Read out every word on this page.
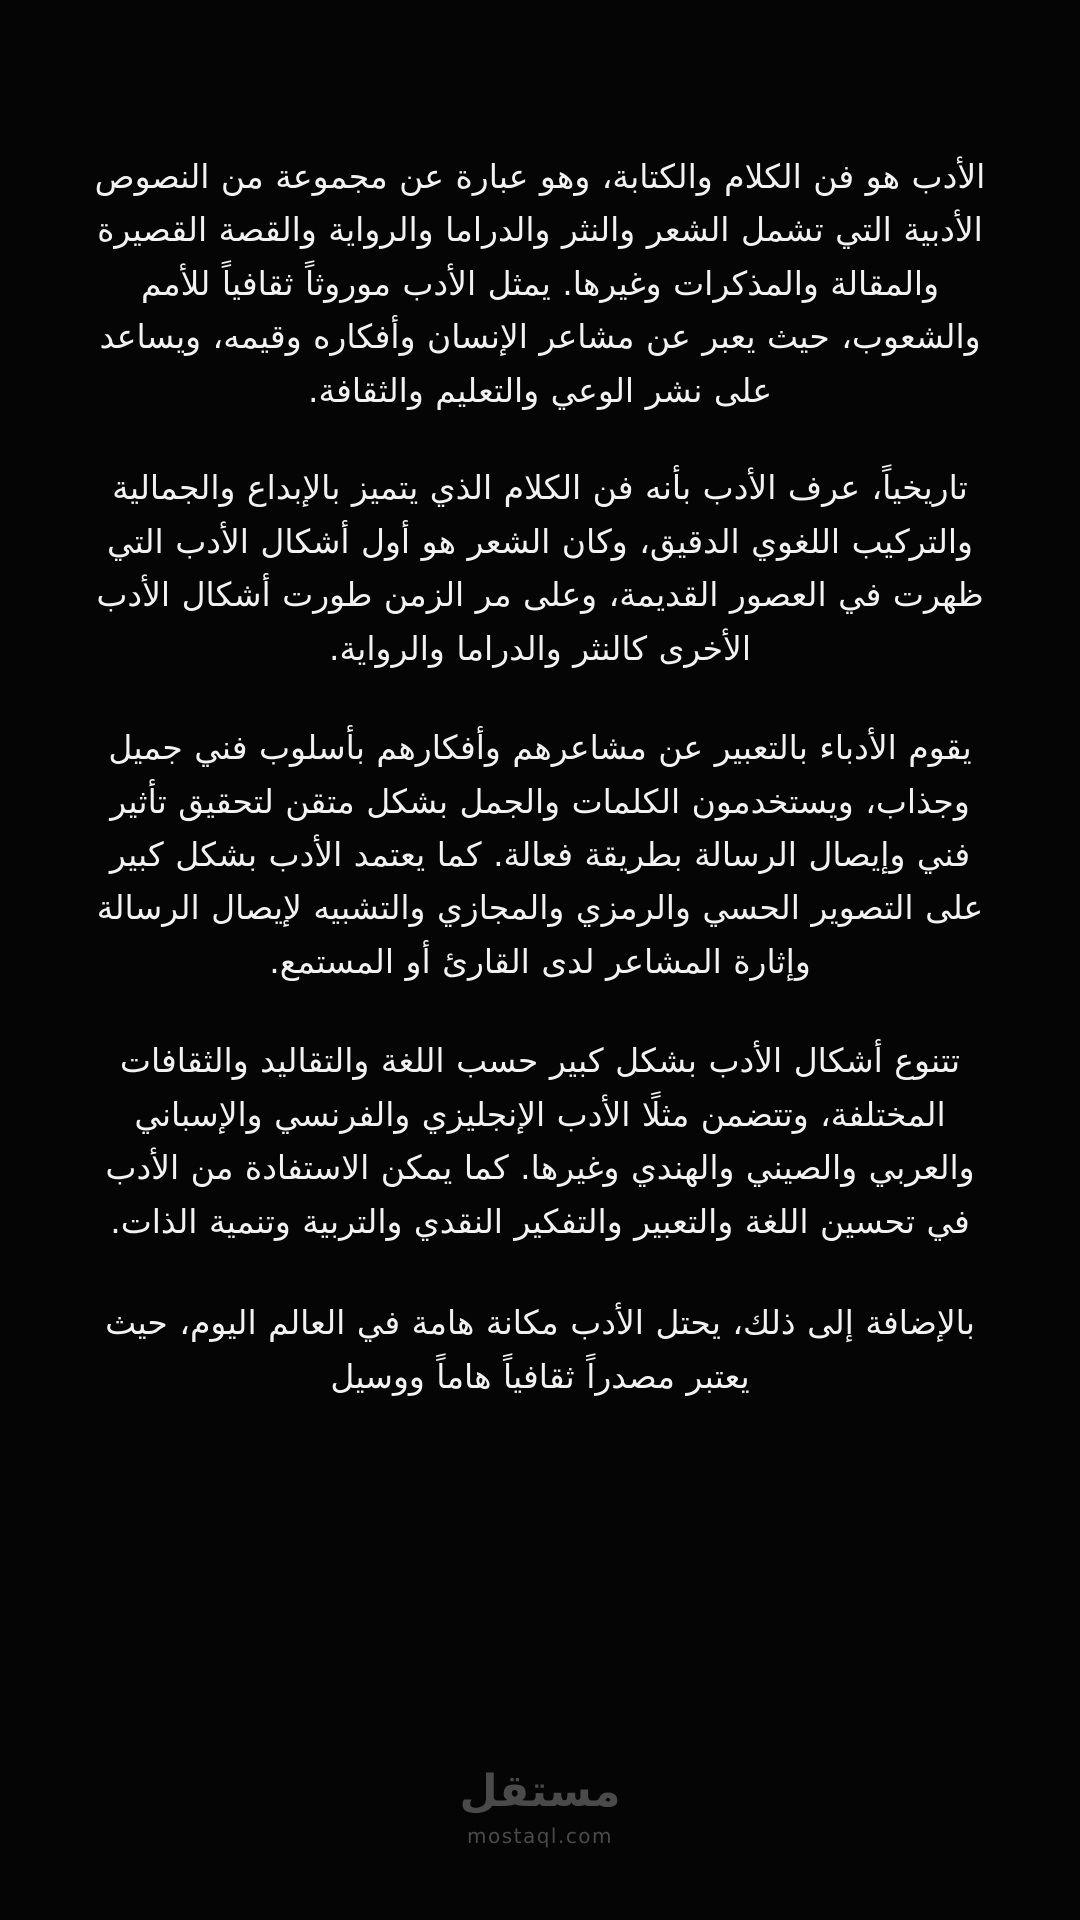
الأدب هو فن الكلام والكتابة، وهو عبارة عن مجموعة من النصوص الأدبية التي تشمل الشعر والنثر والدراما والرواية والقصة القصيرة والمقالة والمذكرات وغيرها. يمثل الأدب موروثاً ثقافياً للأمم والشعوب، حيث يعبر عن مشاعر الإنسان وأفكاره وقيمه، ويساعد على نشر الوعي والتعليم والثقافة.

تاريخياً، عرف الأدب بأنه فن الكلام الذي يتميز بالإبداع والجمالية والتركيب اللغوي الدقيق، وكان الشعر هو أول أشكال الأدب التي ظهرت في العصور القديمة، وعلى مر الزمن طورت أشكال الأدب الأخرى كالنثر والدراما والرواية.

يقوم الأدباء بالتعبير عن مشاعرهم وأفكارهم بأسلوب فني جميل وجذاب، ويستخدمون الكلمات والجمل بشكل متقن لتحقيق تأثير فني وإيصال الرسالة بطريقة فعالة. كما يعتمد الأدب بشكل كبير على التصوير الحسي والرمزي والمجازي والتشبيه لإيصال الرسالة وإثارة المشاعر لدى القارئ أو المستمع.

تتنوع أشكال الأدب بشكل كبير حسب اللغة والتقاليد والثقافات المختلفة، وتتضمن مثلًا الأدب الإنجليزي والفرنسي والإسباني والعربي والصيني والهندي وغيرها. كما يمكن الاستفادة من الأدب في تحسين اللغة والتعبير والتفكير النقدي والتربية وتنمية الذات.

بالإضافة إلى ذلك، يحتل الأدب مكانة هامة في العالم اليوم، حيث يعتبر مصدراً ثقافياً هاماً ووسيل

مستقل
mostaql.com
